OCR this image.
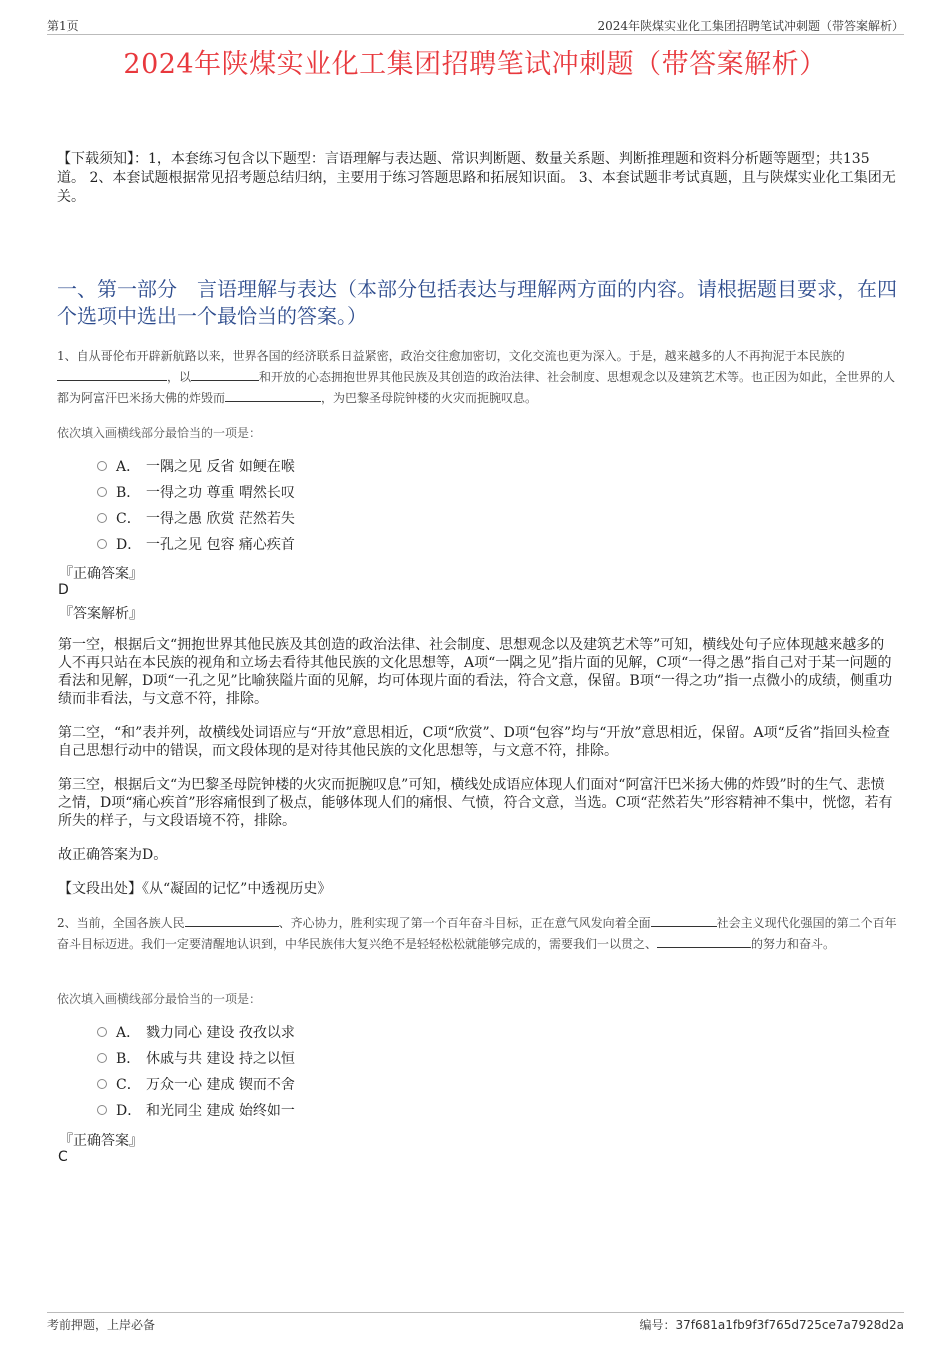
第1页	2024年陕煤实业化工集团招聘笔试冲刺题（带答案解析）
2024年陕煤实业化工集团招聘笔试冲刺题（带答案解析）
【下载须知】：1，本套练习包含以下题型：言语理解与表达题、常识判断题、数量关系题、判断推理题和资料分析题等题型；共135道。 2、本套试题根据常见招考题总结归纳，主要用于练习答题思路和拓展知识面。 3、本套试题非考试真题，且与陕煤实业化工集团无关。
一、第一部分　言语理解与表达（本部分包括表达与理解两方面的内容。请根据题目要求，在四个选项中选出一个最恰当的答案。）
1、自从哥伦布开辟新航路以来，世界各国的经济联系日益紧密，政治交往愈加密切，文化交流也更为深入。于是，越来越多的人不再拘泥于本民族的，以	和开放的心态拥抱世界其他民族及其创造的政治法律、社会制度、思想观念以及建筑艺术等。也正因为如此，全世界的人都为阿富汗巴米扬大佛的炸毁而	，为巴黎圣母院钟楼的火灾而扼腕叹息。
依次填入画横线部分最恰当的一项是：
A． 一隅之见 反省 如鲠在喉
B． 一得之功 尊重 喟然长叹
C． 一得之愚 欣赏 茫然若失
D． 一孔之见 包容 痛心疾首
『正确答案』
D
『答案解析』
第一空，根据后文“拥抱世界其他民族及其创造的政治法律、社会制度、思想观念以及建筑艺术等”可知，横线处句子应体现越来越多的人不再只站在本民族的视角和立场去看待其他民族的文化思想等，A项“一隅之见”指片面的见解，C项“一得之愚”指自己对于某一问题的看法和见解，D项“一孔之见”比喻狭隘片面的见解，均可体现片面的看法，符合文意，保留。B项“一得之功”指一点微小的成绩，侧重功绩而非看法，与文意不符，排除。
第二空，“和”表并列，故横线处词语应与“开放”意思相近，C项“欣赏”、D项“包容”均与“开放”意思相近，保留。A项“反省”指回头检查自己思想行动中的错误，而文段体现的是对待其他民族的文化思想等，与文意不符，排除。
第三空，根据后文“为巴黎圣母院钟楼的火灾而扼腕叹息”可知，横线处成语应体现人们面对“阿富汗巴米扬大佛的炸毁”时的生气、悲愤之情，D项“痛心疾首”形容痛恨到了极点，能够体现人们的痛恨、气愤，符合文意，当选。C项“茫然若失”形容精神不集中，恍惚，若有所失的样子，与文段语境不符，排除。
故正确答案为D。
【文段出处】《从“凝固的记忆”中透视历史》
2、当前，全国各族人民	、齐心协力，胜利实现了第一个百年奋斗目标，正在意气风发向着全面	社会主义现代化强国的第二个百年奋斗目标迈进。我们一定要清醒地认识到，中华民族伟大复兴绝不是轻轻松松就能够完成的，需要我们一以贯之、	的努力和奋斗。
依次填入画横线部分最恰当的一项是：
A． 戮力同心 建设 孜孜以求
B． 休戚与共 建设 持之以恒
C． 万众一心 建成 锲而不舍
D． 和光同尘 建成 始终如一
『正确答案』
C
考前押题，上岸必备	编号：37f681a1fb9f3f765d725ce7a7928d2a
